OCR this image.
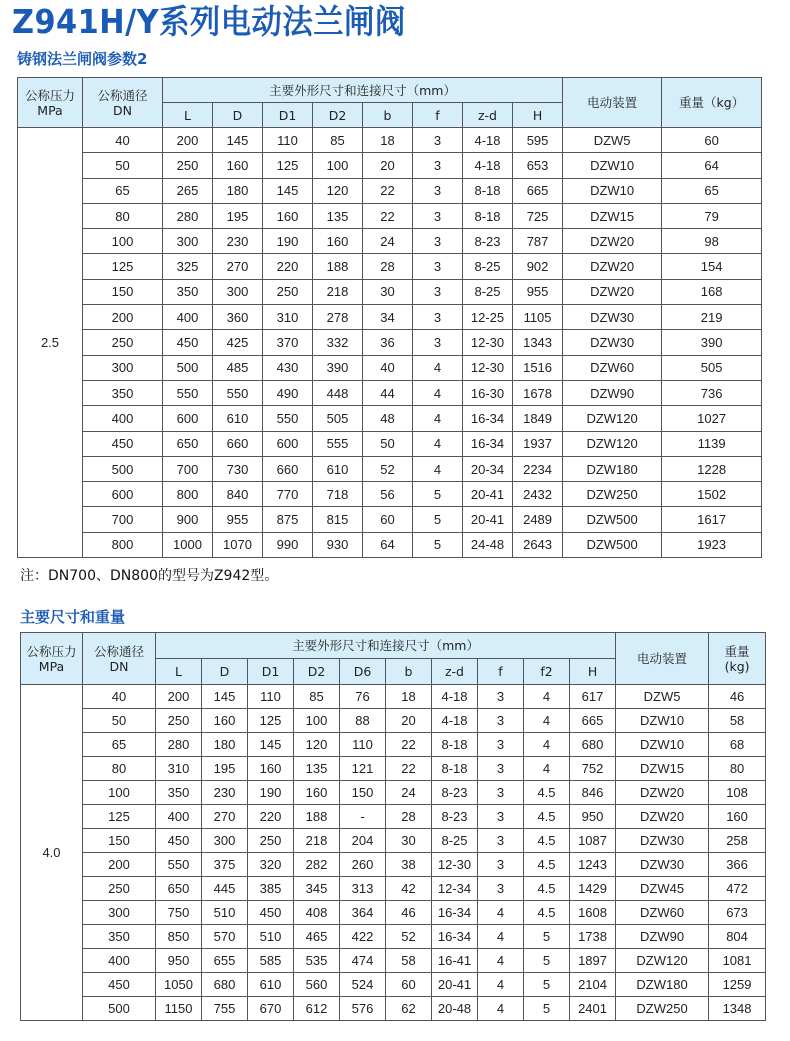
Z941H/Y系列电动法兰闸阀
铸钢法兰闸阀参数2
公称压力
MPa	公称通径
DN	主要外形尺寸和连接尺寸（mm）								电动装置	重量（kg）
		L	D	D1	D2	b	f	z-d	H		
2.5	40	200	145	110	85	18	3	4-18	595	DZW5	60
	50	250	160	125	100	20	3	4-18	653	DZW10	64
	65	265	180	145	120	22	3	8-18	665	DZW10	65
	80	280	195	160	135	22	3	8-18	725	DZW15	79
	100	300	230	190	160	24	3	8-23	787	DZW20	98
	125	325	270	220	188	28	3	8-25	902	DZW20	154
	150	350	300	250	218	30	3	8-25	955	DZW20	168
	200	400	360	310	278	34	3	12-25	1105	DZW30	219
	250	450	425	370	332	36	3	12-30	1343	DZW30	390
	300	500	485	430	390	40	4	12-30	1516	DZW60	505
	350	550	550	490	448	44	4	16-30	1678	DZW90	736
	400	600	610	550	505	48	4	16-34	1849	DZW120	1027
	450	650	660	600	555	50	4	16-34	1937	DZW120	1139
	500	700	730	660	610	52	4	20-34	2234	DZW180	1228
	600	800	840	770	718	56	5	20-41	2432	DZW250	1502
	700	900	955	875	815	60	5	20-41	2489	DZW500	1617
	800	1000	1070	990	930	64	5	24-48	2643	DZW500	1923
注：DN700、DN800的型号为Z942型。
主要尺寸和重量
公称压力
MPa	公称通径
DN	主要外形尺寸和连接尺寸（mm）										电动装置	重量
(kg)
		L	D	D1	D2	D6	b	z-d	f	f2	H		
4.0	40	200	145	110	85	76	18	4-18	3	4	617	DZW5	46
	50	250	160	125	100	88	20	4-18	3	4	665	DZW10	58
	65	280	180	145	120	110	22	8-18	3	4	680	DZW10	68
	80	310	195	160	135	121	22	8-18	3	4	752	DZW15	80
	100	350	230	190	160	150	24	8-23	3	4.5	846	DZW20	108
	125	400	270	220	188	-	28	8-23	3	4.5	950	DZW20	160
	150	450	300	250	218	204	30	8-25	3	4.5	1087	DZW30	258
	200	550	375	320	282	260	38	12-30	3	4.5	1243	DZW30	366
	250	650	445	385	345	313	42	12-34	3	4.5	1429	DZW45	472
	300	750	510	450	408	364	46	16-34	4	4.5	1608	DZW60	673
	350	850	570	510	465	422	52	16-34	4	5	1738	DZW90	804
	400	950	655	585	535	474	58	16-41	4	5	1897	DZW120	1081
	450	1050	680	610	560	524	60	20-41	4	5	2104	DZW180	1259
	500	1150	755	670	612	576	62	20-48	4	5	2401	DZW250	1348
